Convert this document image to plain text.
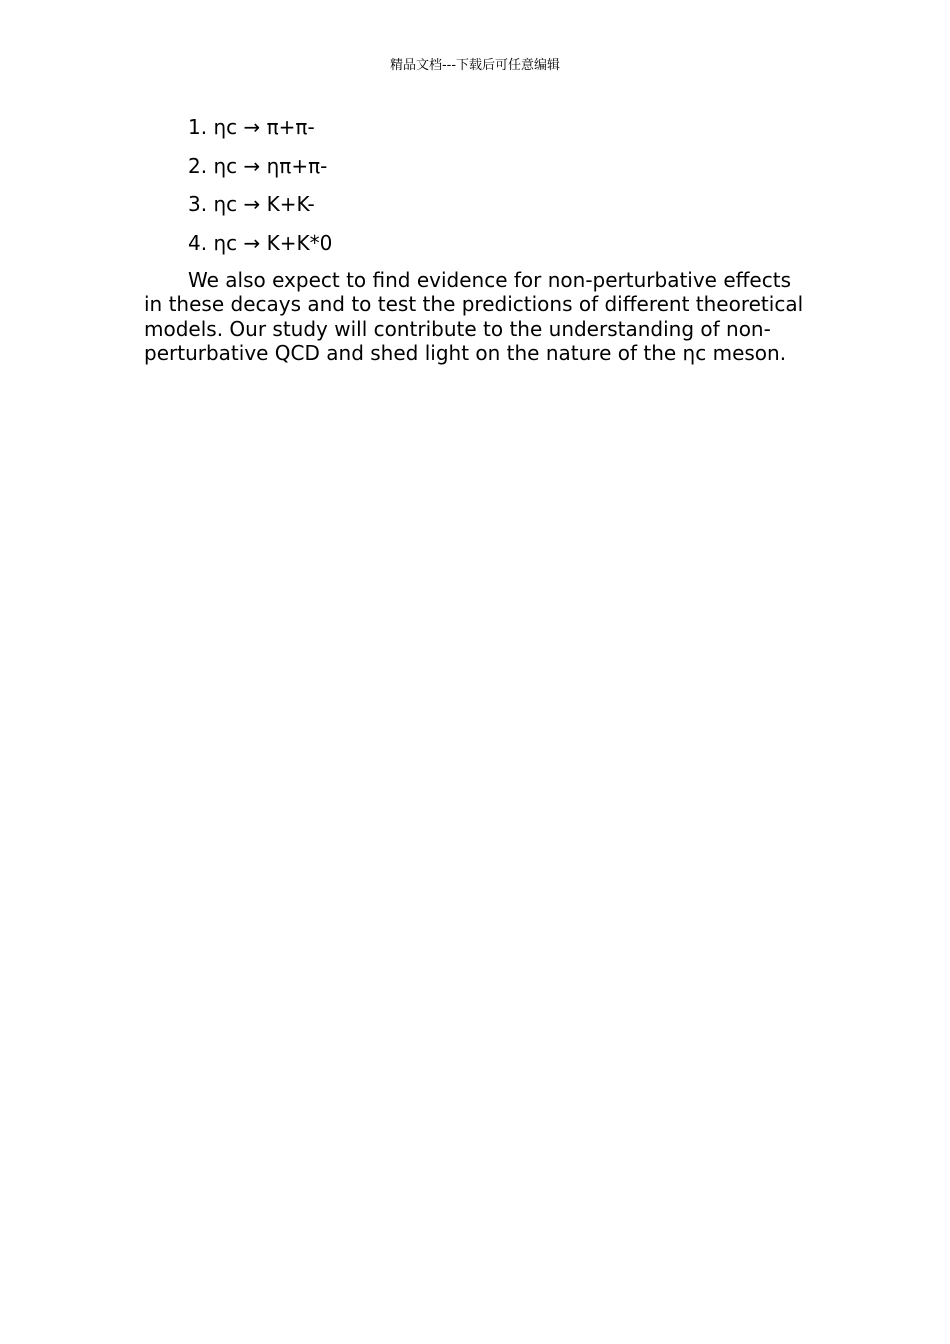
精品文档---下载后可任意编辑
1. ηc → π+π-
2. ηc → ηπ+π-
3. ηc → K+K-
4. ηc → K+K*0

We also expect to find evidence for non-perturbative effects in these decays and to test the predictions of different theoretical models. Our study will contribute to the understanding of non-perturbative QCD and shed light on the nature of the ηc meson.
